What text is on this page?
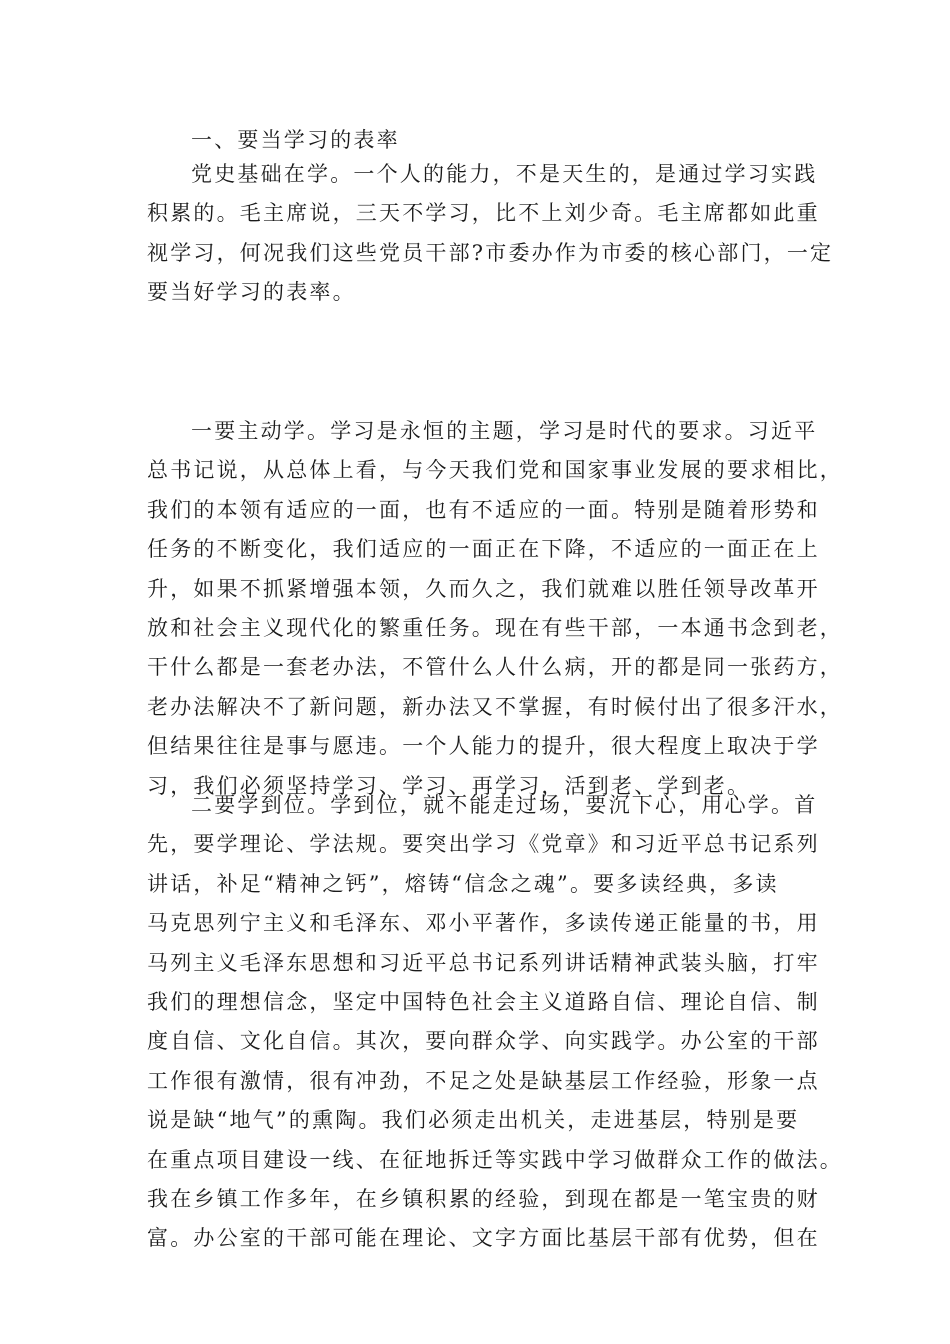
一、要当学习的表率
党史基础在学。一个人的能力，不是天生的，是通过学习实践
积累的。毛主席说，三天不学习，比不上刘少奇。毛主席都如此重
视学习，何况我们这些党员干部?市委办作为市委的核心部门，一定
要当好学习的表率。
一要主动学。学习是永恒的主题，学习是时代的要求。习近平
总书记说，从总体上看，与今天我们党和国家事业发展的要求相比，
我们的本领有适应的一面，也有不适应的一面。特别是随着形势和
任务的不断变化，我们适应的一面正在下降，不适应的一面正在上
升，如果不抓紧增强本领，久而久之，我们就难以胜任领导改革开
放和社会主义现代化的繁重任务。现在有些干部，一本通书念到老，
干什么都是一套老办法，不管什么人什么病，开的都是同一张药方，
老办法解决不了新问题，新办法又不掌握，有时候付出了很多汗水，
但结果往往是事与愿违。一个人能力的提升，很大程度上取决于学
习，我们必须坚持学习、学习、再学习，活到老、学到老。
二要学到位。学到位，就不能走过场，要沉下心，用心学。首
先，要学理论、学法规。要突出学习《党章》和习近平总书记系列
讲话，补足“精神之钙”，熔铸“信念之魂”。要多读经典，多读
马克思列宁主义和毛泽东、邓小平著作，多读传递正能量的书，用
马列主义毛泽东思想和习近平总书记系列讲话精神武装头脑，打牢
我们的理想信念，坚定中国特色社会主义道路自信、理论自信、制
度自信、文化自信。其次，要向群众学、向实践学。办公室的干部
工作很有激情，很有冲劲，不足之处是缺基层工作经验，形象一点
说是缺“地气”的熏陶。我们必须走出机关，走进基层，特别是要
在重点项目建设一线、在征地拆迁等实践中学习做群众工作的做法。
我在乡镇工作多年，在乡镇积累的经验，到现在都是一笔宝贵的财
富。办公室的干部可能在理论、文字方面比基层干部有优势，但在
